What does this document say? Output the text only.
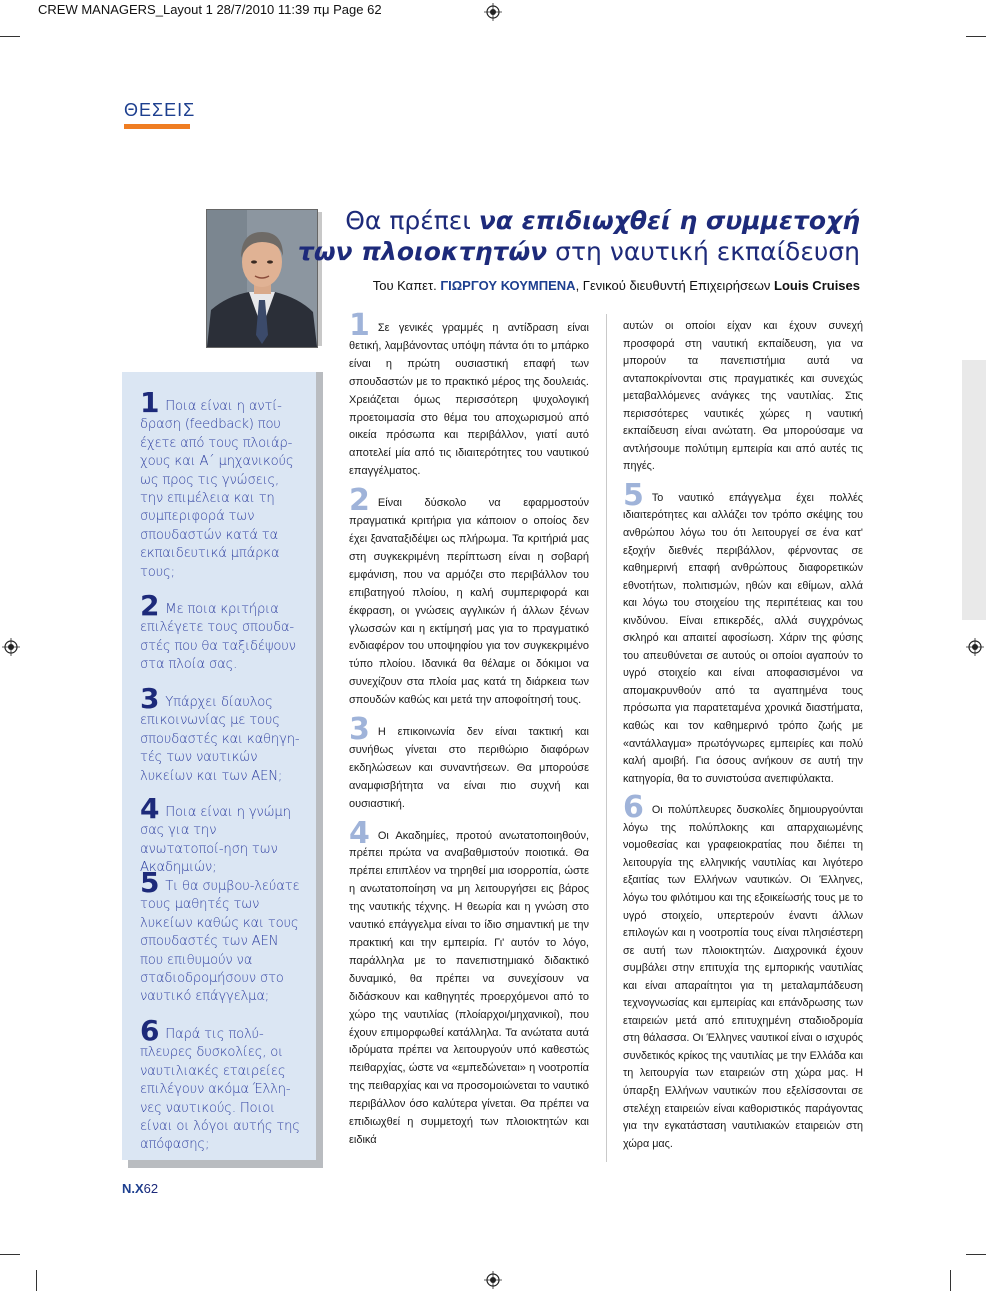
CREW MANAGERS_Layout 1 28/7/2010 11:39 πμ Page 62
ΘΕΣΕΙΣ
1 Ποια είναι η αντί-δραση (feedback) που έχετε από τους πλοιάρ-χους και Α΄ μηχανικούς ως προς τις γνώσεις, την επιμέλεια και τη συμπεριφορά των σπουδαστών κατά τα εκπαιδευτικά μπάρκα τους;
2 Με ποια κριτήρια επιλέγετε τους σπουδα-στές που θα ταξιδέψουν στα πλοία σας.
3 Υπάρχει δίαυλος επικοινωνίας με τους σπουδαστές και καθηγη-τές των ναυτικών λυκείων και των ΑΕΝ;
4 Ποια είναι η γνώμη σας για την ανωτατοποί-ηση των Ακαδημιών;
5 Τι θα συμβου-λεύατε τους μαθητές των λυκείων καθώς και τους σπουδαστές των ΑΕΝ που επιθυμούν να σταδιοδρομήσουν στο ναυτικό επάγγελμα;
6 Παρά τις πολύ-πλευρες δυσκολίες, οι ναυτιλιακές εταιρείες επιλέγουν ακόμα Έλλη-νες ναυτικούς. Ποιοι είναι οι λόγοι αυτής της απόφασης;
Θα πρέπει να επιδιωχθεί η συμμετοχή
των πλοιοκτητών στη ναυτική εκπαίδευση
Του Καπετ. ΓΙΩΡΓΟΥ ΚΟΥΜΠΕΝΑ, Γενικού διευθυντή Επιχειρήσεων Louis Cruises

1 Σε γενικές γραμμές η αντίδραση είναι θετική, λαμβάνοντας υπόψη πάντα ότι το μπάρκο είναι η πρώτη ουσιαστική επαφή των σπουδαστών με το πρακτικό μέρος της δουλειάς. Χρειάζεται όμως περισσότερη ψυχολογική προετοιμασία στο θέμα του αποχωρισμού από οικεία πρόσωπα και περιβάλλον, γιατί αυτό αποτελεί μία από τις ιδιαιτερότητες του ναυτικού επαγγέλματος.

2 Είναι δύσκολο να εφαρμοστούν πραγματικά κριτήρια για κάποιον ο οποίος δεν έχει ξαναταξιδέψει ως πλήρωμα. Τα κριτήριά μας στη συγκεκριμένη περίπτωση είναι η σοβαρή εμφάνιση, που να αρμόζει στο περιβάλλον του επιβατηγού πλοίου, η καλή συμπεριφορά και έκφραση, οι γνώσεις αγγλικών ή άλλων ξένων γλωσσών και η εκτίμησή μας για το πραγματικό ενδιαφέρον του υποψηφίου για τον συγκεκριμένο τύπο πλοίου. Ιδανικά θα θέλαμε οι δόκιμοι να συνεχίζουν στα πλοία μας κατά τη διάρκεια των σπουδών καθώς και μετά την αποφοίτησή τους.

3 Η επικοινωνία δεν είναι τακτική και συνήθως γίνεται στο περιθώριο διαφόρων εκδηλώσεων και συναντήσεων. Θα μπορούσε αναμφισβήτητα να είναι πιο συχνή και ουσιαστική.

4 Οι Ακαδημίες, προτού ανωτατοποιηθούν, πρέπει πρώτα να αναβαθμιστούν ποιοτικά. Θα πρέπει επιπλέον να τηρηθεί μια ισορροπία, ώστε η ανωτατοποίηση να μη λειτουργήσει εις βάρος της ναυτικής τέχνης. Η θεωρία και η γνώση στο ναυτικό επάγγελμα είναι το ίδιο σημαντική με την πρακτική και την εμπειρία. Γι' αυτόν το λόγο, παράλληλα με το πανεπιστημιακό διδακτικό δυναμικό, θα πρέπει να συνεχίσουν να διδάσκουν και καθηγητές προερχόμενοι από το χώρο της ναυτιλίας (πλοίαρχοι/μηχανικοί), που έχουν επιμορφωθεί κατάλληλα. Τα ανώτατα αυτά ιδρύματα πρέπει να λειτουργούν υπό καθεστώς πειθαρχίας, ώστε να «εμπεδώνεται» η νοοτροπία της πειθαρχίας και να προσομοιώνεται το ναυτικό περιβάλλον όσο καλύτερα γίνεται. Θα πρέπει να επιδιωχθεί η συμμετοχή των πλοιοκτητών και ειδικά

αυτών οι οποίοι είχαν και έχουν συνεχή προσφορά στη ναυτική εκπαίδευση, για να μπορούν τα πανεπιστήμια αυτά να ανταποκρίνονται στις πραγματικές και συνεχώς μεταβαλλόμενες ανάγκες της ναυτιλίας. Στις περισσότερες ναυτικές χώρες η ναυτική εκπαίδευση είναι ανώτατη. Θα μπορούσαμε να αντλήσουμε πολύτιμη εμπειρία και από αυτές τις πηγές.

5 Το ναυτικό επάγγελμα έχει πολλές ιδιαιτερότητες και αλλάζει τον τρόπο σκέψης του ανθρώπου λόγω του ότι λειτουργεί σε ένα κατ' εξοχήν διεθνές περιβάλλον, φέρνοντας σε καθημερινή επαφή ανθρώπους διαφορετικών εθνοτήτων, πολιτισμών, ηθών και εθίμων, αλλά και λόγω του στοιχείου της περιπέτειας και του κινδύνου. Είναι επικερδές, αλλά συγχρόνως σκληρό και απαιτεί αφοσίωση. Χάριν της φύσης του απευθύνεται σε αυτούς οι οποίοι αγαπούν το υγρό στοιχείο και είναι αποφασισμένοι να απομακρυνθούν από τα αγαπημένα τους πρόσωπα για παρατεταμένα χρονικά διαστήματα, καθώς και τον καθημερινό τρόπο ζωής με «αντάλλαγμα» πρωτόγνωρες εμπειρίες και πολύ καλή αμοιβή. Για όσους ανήκουν σε αυτή την κατηγορία, θα το συνιστούσα ανεπιφύλακτα.

6 Οι πολύπλευρες δυσκολίες δημιουργούνται λόγω της πολύπλοκης και απαρχαιωμένης νομοθεσίας και γραφειοκρατίας που διέπει τη λειτουργία της ελληνικής ναυτιλίας και λιγότερο εξαιτίας των Ελλήνων ναυτικών. Οι Έλληνες, λόγω του φιλότιμου και της εξοικείωσής τους με το υγρό στοιχείο, υπερτερούν έναντι άλλων επιλογών και η νοοτροπία τους είναι πλησιέστερη σε αυτή των πλοιοκτητών. Διαχρονικά έχουν συμβάλει στην επιτυχία της εμπορικής ναυτιλίας και είναι απαραίτητοι για τη μεταλαμπάδευση τεχνογνωσίας και εμπειρίας και επάνδρωσης των εταιρειών μετά από επιτυχημένη σταδιοδρομία στη θάλασσα. Οι Έλληνες ναυτικοί είναι ο ισχυρός συνδετικός κρίκος της ναυτιλίας με την Ελλάδα και τη λειτουργία των εταιρειών στη χώρα μας. Η ύπαρξη Ελλήνων ναυτικών που εξελίσσονται σε στελέχη εταιρειών είναι καθοριστικός παράγοντας για την εγκατάσταση ναυτιλιακών εταιρειών στη χώρα μας.

Ν.Χ62
